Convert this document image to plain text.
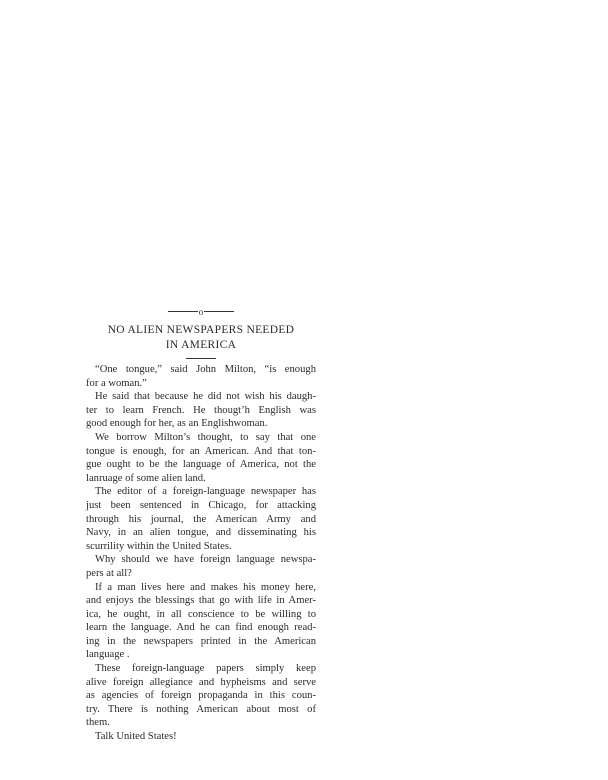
o
NO ALIEN NEWSPAPERS NEEDED
IN AMERICA
“One tongue,” said John Milton, “is enough
for a woman.”
He said that because he did not wish his daugh-
ter to learn French. He thougt’h English was
good enough for her, as an Englishwoman.
We borrow Milton’s thought, to say that one
tongue is enough, for an American. And that ton-
gue ought to be the language of America, not the
lanruage of some alien land.
The editor of a foreign-language newspaper has
just been sentenced in Chicago, for attacking
through his journal, the American Army and
Navy, in an alien tongue, and disseminating his
scurrility within the United States.
Why should we have foreign language newspa-
pers at all?
If a man lives here and makes his money here,
and enjoys the blessings that go with life in Amer-
ica, he ought, in all conscience to be willing to
learn the language. And he can find enough read-
ing in the newspapers printed in the American
language .
These foreign-language papers simply keep
alive foreign allegiance and hypheisms and serve
as agencies of foreign propaganda in this coun-
try. There is nothing American about most of
them.
Talk United States!
